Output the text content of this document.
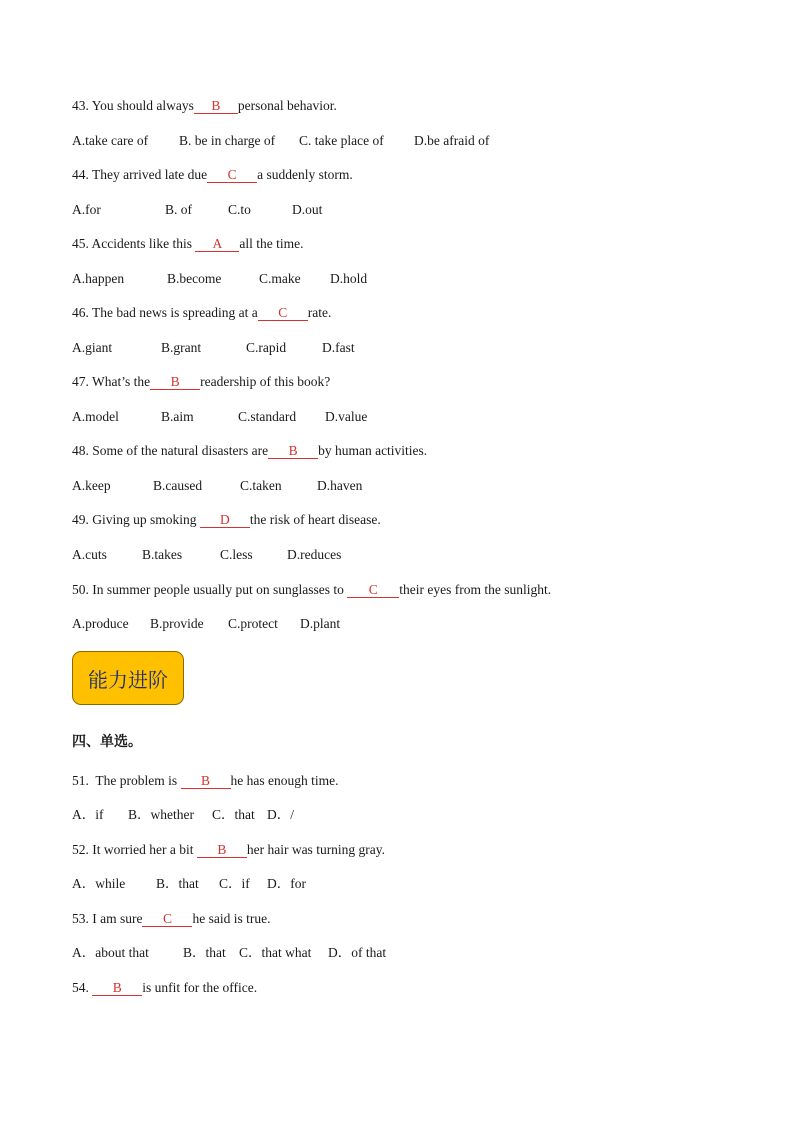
43. You should always B personal behavior.
A.take care of B. be in charge of C. take place of D.be afraid of
44. They arrived late due C a suddenly storm.
A.for	B. of	C.to	D.out
45. Accidents like this A all the time.
A.happen	B.become	C.make D.hold
46. The bad news is spreading at a C rate.
A.giant	B.grant	C.rapid	D.fast
47. What’s the B readership of this book?
A.model	B.aim	C.standard D.value
48. Some of the natural disasters are B by human activities.
A.keep	B.caused	C.taken	D.haven
49. Giving up smoking D the risk of heart disease.
A.cuts	B.takes	C.less	D.reduces
50. In summer people usually put on sunglasses to C their eyes from the sunlight.
A.produce B.provide C.protect D.plant
能力进阶
四、单选。
51.  The problem is B he has enough time.
A．if B．whether C．that D．/
52. It worried her a bit B her hair was turning gray.
A．while B．that C．if D．for
53. I am sure C he said is true.
A．about that	B．that C．that what D．of that
54. B is unfit for the office.
